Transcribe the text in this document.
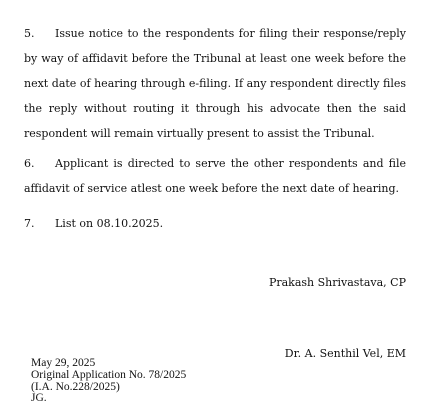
5. Issue notice to the respondents for filing their response/reply by way of affidavit before the Tribunal at least one week before the next date of hearing through e-filing. If any respondent directly files the reply without routing it through his advocate then the said respondent will remain virtually present to assist the Tribunal.

6. Applicant is directed to serve the other respondents and file affidavit of service atlest one week before the next date of hearing.

7. List on 08.10.2025.

Prakash Shrivastava, CP

Dr. A. Senthil Vel, EM

May 29, 2025
Original Application No. 78/2025
(I.A. No.228/2025)
JG.
